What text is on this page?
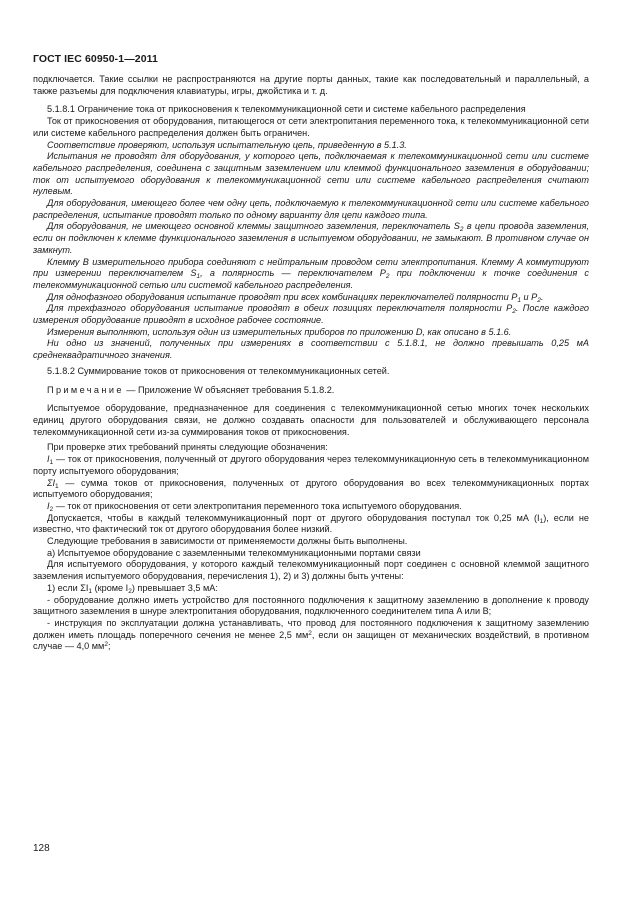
ГОСТ IEC 60950-1—2011

подключается. Такие ссылки не распространяются на другие порты данных, такие как последовательный и параллельный, а также разъемы для подключения клавиатуры, игры, джойстика и т. д.

5.1.8.1 Ограничение тока от прикосновения к телекоммуникационной сети и системе кабельного распределения

Ток от прикосновения от оборудования, питающегося от сети электропитания переменного тока, к телекоммуникационной сети или системе кабельного распределения должен быть ограничен.

Соответствие проверяют, используя испытательную цепь, приведенную в 5.1.3.

Испытания не проводят для оборудования, у которого цепь, подключаемая к телекоммуникационной сети или системе кабельного распределения, соединена с защитным заземлением или клеммой функционального заземления в оборудовании; ток от испытуемого оборудования к телекоммуникационной сети или системе кабельного распределения считают нулевым.

Для оборудования, имеющего более чем одну цепь, подключаемую к телекоммуникационной сети или системе кабельного распределения, испытание проводят только по одному варианту для цепи каждого типа.

Для оборудования, не имеющего основной клеммы защитного заземления, переключатель $S_2$ в цепи провода заземления, если он подключен к клемме функционального заземления в испытуемом оборудовании, не замыкают. В противном случае он замкнут.

Клемму B измерительного прибора соединяют с нейтральным проводом сети электропитания. Клемму A коммутируют при измерении переключателем $S_1$, а полярность — переключателем $P_2$ при подключении к точке соединения с телекоммуникационной сетью или системой кабельного распределения.

Для однофазного оборудования испытание проводят при всех комбинациях переключателей полярности $P_1$ и $P_2$.

Для трехфазного оборудования испытание проводят в обеих позициях переключателя полярности $P_2$. После каждого измерения оборудование приводят в исходное рабочее состояние.

Измерения выполняют, используя один из измерительных приборов по приложению D, как описано в 5.1.6.

Ни одно из значений, полученных при измерениях в соответствии с 5.1.8.1, не должно превышать 0,25 мА среднеквадратичного значения.

5.1.8.2 Суммирование токов от прикосновения от телекоммуникационных сетей.

Примечание — Приложение W объясняет требования 5.1.8.2.

Испытуемое оборудование, предназначенное для соединения с телекоммуникационной сетью многих точек нескольких единиц другого оборудования связи, не должно создавать опасности для пользователей и обслуживающего персонала телекоммуникационной сети из-за суммирования токов от прикосновения.

При проверке этих требований приняты следующие обозначения:

$I_1$ — ток от прикосновения, полученный от другого оборудования через телекоммуникационную сеть в телекоммуникационном порту испытуемого оборудования;

$\Sigma I_1$ — сумма токов от прикосновения, полученных от другого оборудования во всех телекоммуникационных портах испытуемого оборудования;

$I_2$ — ток от прикосновения от сети электропитания переменного тока испытуемого оборудования.

Допускается, чтобы в каждый телекоммуникационный порт от другого оборудования поступал ток 0,25 мА $(I_1)$, если не известно, что фактический ток от другого оборудования более низкий.

Следующие требования в зависимости от применяемости должны быть выполнены.

a) Испытуемое оборудование с заземленными телекоммуникационными портами связи

Для испытуемого оборудования, у которого каждый телекоммуникационный порт соединен с основной клеммой защитного заземления испытуемого оборудования, перечисления 1), 2) и 3) должны быть учтены:

1) если $\Sigma I_1$ (кроме $I_2$) превышает 3,5 мА:

- оборудование должно иметь устройство для постоянного подключения к защитному заземлению в дополнение к проводу защитного заземления в шнуре электропитания оборудования, подключенного соединителем типа A или B;

- инструкция по эксплуатации должна устанавливать, что провод для постоянного подключения к защитному заземлению должен иметь площадь поперечного сечения не менее 2,5 $мм^2$, если он защищен от механических воздействий, в противном случае — 4,0 $мм^2$;

128
